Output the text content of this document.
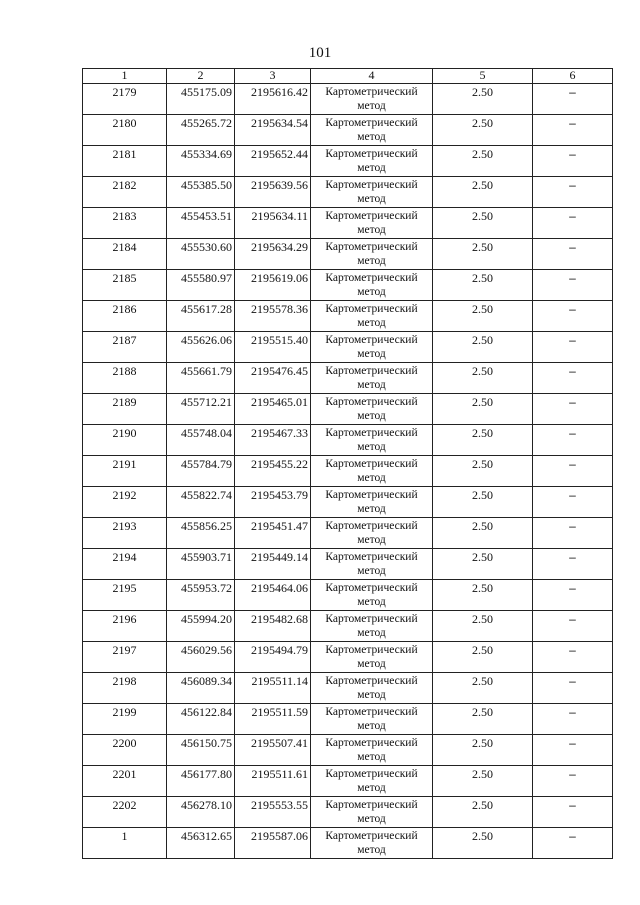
101
1	2	3	4	5	6
2179	455175.09	2195616.42	Картометрический метод	2.50	–
2180	455265.72	2195634.54	Картометрический метод	2.50	–
2181	455334.69	2195652.44	Картометрический метод	2.50	–
2182	455385.50	2195639.56	Картометрический метод	2.50	–
2183	455453.51	2195634.11	Картометрический метод	2.50	–
2184	455530.60	2195634.29	Картометрический метод	2.50	–
2185	455580.97	2195619.06	Картометрический метод	2.50	–
2186	455617.28	2195578.36	Картометрический метод	2.50	–
2187	455626.06	2195515.40	Картометрический метод	2.50	–
2188	455661.79	2195476.45	Картометрический метод	2.50	–
2189	455712.21	2195465.01	Картометрический метод	2.50	–
2190	455748.04	2195467.33	Картометрический метод	2.50	–
2191	455784.79	2195455.22	Картометрический метод	2.50	–
2192	455822.74	2195453.79	Картометрический метод	2.50	–
2193	455856.25	2195451.47	Картометрический метод	2.50	–
2194	455903.71	2195449.14	Картометрический метод	2.50	–
2195	455953.72	2195464.06	Картометрический метод	2.50	–
2196	455994.20	2195482.68	Картометрический метод	2.50	–
2197	456029.56	2195494.79	Картометрический метод	2.50	–
2198	456089.34	2195511.14	Картометрический метод	2.50	–
2199	456122.84	2195511.59	Картометрический метод	2.50	–
2200	456150.75	2195507.41	Картометрический метод	2.50	–
2201	456177.80	2195511.61	Картометрический метод	2.50	–
2202	456278.10	2195553.55	Картометрический метод	2.50	–
1	456312.65	2195587.06	Картометрический метод	2.50	–
